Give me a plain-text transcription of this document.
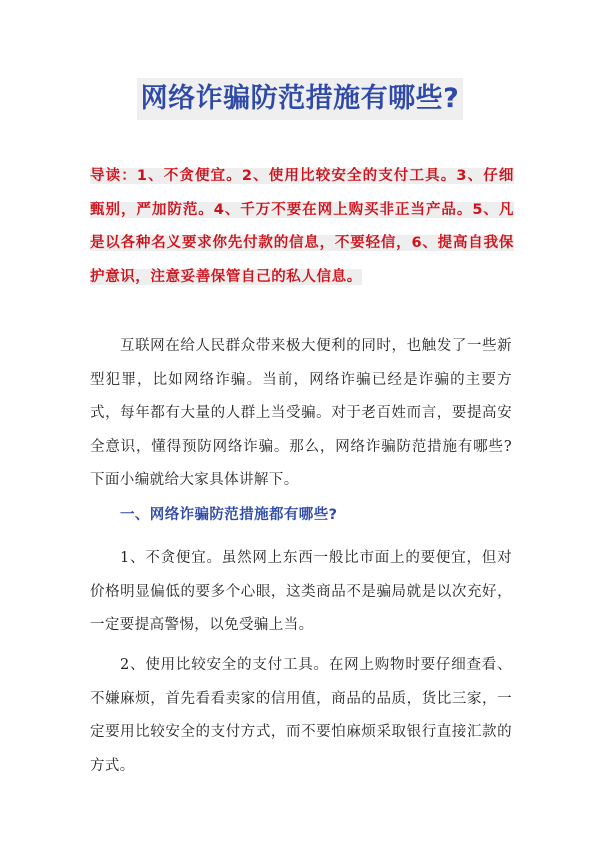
网络诈骗防范措施有哪些?
导读：1、不贪便宜。2、使用比较安全的支付工具。3、仔细甄别，严加防范。4、千万不要在网上购买非正当产品。5、凡是以各种名义要求你先付款的信息，不要轻信，6、提高自我保护意识，注意妥善保管自己的私人信息。
互联网在给人民群众带来极大便利的同时，也触发了一些新型犯罪，比如网络诈骗。当前，网络诈骗已经是诈骗的主要方式，每年都有大量的人群上当受骗。对于老百姓而言，要提高安全意识，懂得预防网络诈骗。那么，网络诈骗防范措施有哪些?下面小编就给大家具体讲解下。
一、网络诈骗防范措施都有哪些?
1、不贪便宜。虽然网上东西一般比市面上的要便宜，但对价格明显偏低的要多个心眼，这类商品不是骗局就是以次充好，一定要提高警惕，以免受骗上当。
2、使用比较安全的支付工具。在网上购物时要仔细查看、不嫌麻烦，首先看看卖家的信用值，商品的品质，货比三家，一定要用比较安全的支付方式，而不要怕麻烦采取银行直接汇款的方式。
